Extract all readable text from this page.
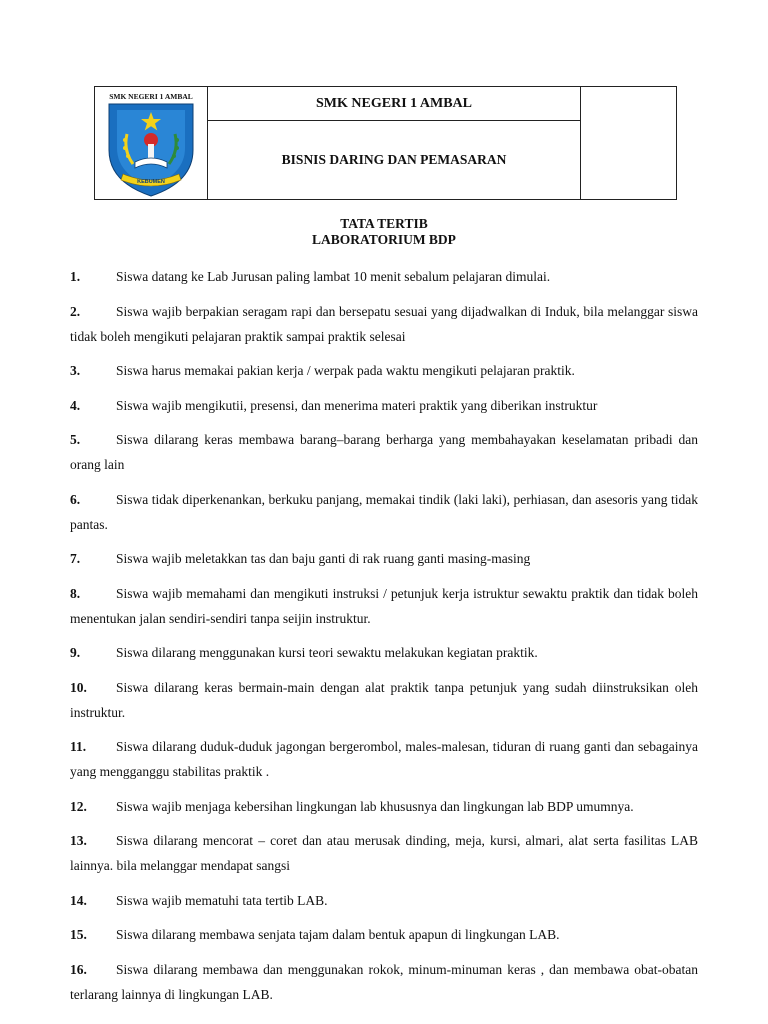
SMK NEGERI 1 AMBAL
KEBUMEN
SMK NEGERI 1 AMBAL
BISNIS DARING DAN PEMASARAN
TATA TERTIB
LABORATORIUM BDP
1.	Siswa datang ke Lab Jurusan paling lambat 10 menit sebalum pelajaran dimulai.
2.	Siswa wajib berpakian seragam rapi dan bersepatu sesuai yang dijadwalkan di Induk, bila melanggar siswa tidak boleh mengikuti pelajaran praktik sampai praktik selesai
3.	Siswa harus memakai pakian kerja / werpak pada waktu mengikuti pelajaran praktik.
4.	Siswa wajib mengikutii, presensi, dan menerima materi praktik yang diberikan instruktur
5.	Siswa dilarang keras membawa barang–barang berharga yang membahayakan keselamatan pribadi dan orang lain
6.	Siswa tidak diperkenankan, berkuku panjang, memakai tindik (laki laki), perhiasan, dan asesoris yang tidak pantas.
7.	Siswa wajib meletakkan tas dan baju ganti di rak ruang ganti masing-masing
8.	Siswa wajib memahami dan mengikuti instruksi / petunjuk kerja istruktur sewaktu praktik dan tidak boleh menentukan jalan sendiri-sendiri tanpa seijin instruktur.
9.	Siswa dilarang menggunakan kursi teori sewaktu melakukan kegiatan praktik.
10.	Siswa dilarang keras bermain-main dengan alat praktik tanpa petunjuk yang sudah diinstruksikan oleh instruktur.
11.	Siswa dilarang duduk-duduk jagongan bergerombol, males-malesan, tiduran di ruang ganti dan sebagainya yang mengganggu stabilitas praktik .
12.	Siswa wajib menjaga kebersihan lingkungan lab khususnya dan lingkungan lab BDP umumnya.
13.	Siswa dilarang mencorat – coret dan atau merusak dinding, meja, kursi, almari, alat serta fasilitas LAB lainnya. bila melanggar mendapat sangsi
14.	Siswa wajib mematuhi tata tertib LAB.
15.	Siswa dilarang membawa senjata tajam dalam bentuk apapun di lingkungan LAB.
16.	Siswa dilarang membawa dan menggunakan rokok, minum-minuman keras , dan membawa obat-obatan terlarang lainnya di lingkungan LAB.
